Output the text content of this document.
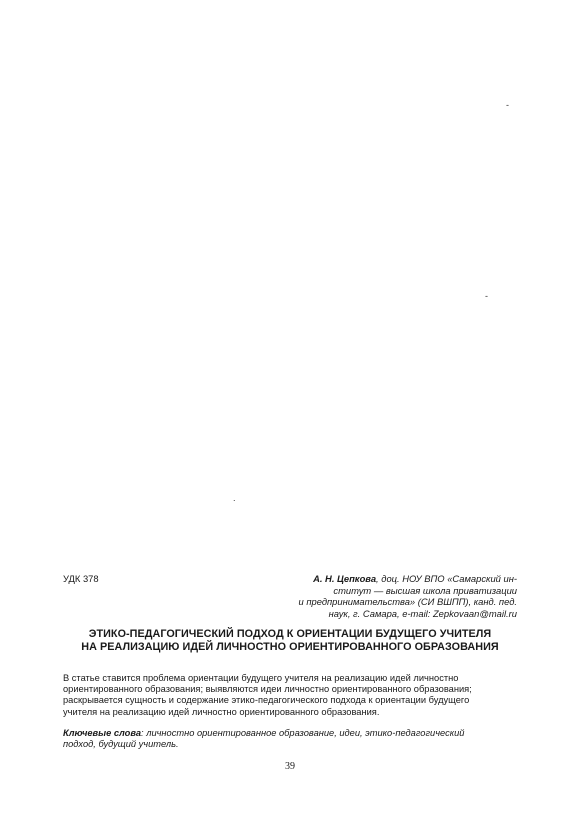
-
-
.
УДК 378	А. Н. Цепкова, доц. НОУ ВПО «Самарский ин-
ститут — высшая школа приватизации
и предпринимательства» (СИ ВШПП), канд. пед.
наук, г. Самара, e-mail: Zepkovaan@mail.ru
ЭТИКО-ПЕДАГОГИЧЕСКИЙ ПОДХОД К ОРИЕНТАЦИИ БУДУЩЕГО УЧИТЕЛЯ
НА РЕАЛИЗАЦИЮ ИДЕЙ ЛИЧНОСТНО ОРИЕНТИРОВАННОГО ОБРАЗОВАНИЯ
В статье ставится проблема ориентации будущего учителя на реализацию идей личностно
ориентированного образования; выявляются идеи личностно ориентированного образования;
раскрывается сущность и содержание этико-педагогического подхода к ориентации будущего
учителя на реализацию идей личностно ориентированного образования.
Ключевые слова: личностно ориентированное образование, идеи, этико-педагогический
подход, будущий учитель.
39
